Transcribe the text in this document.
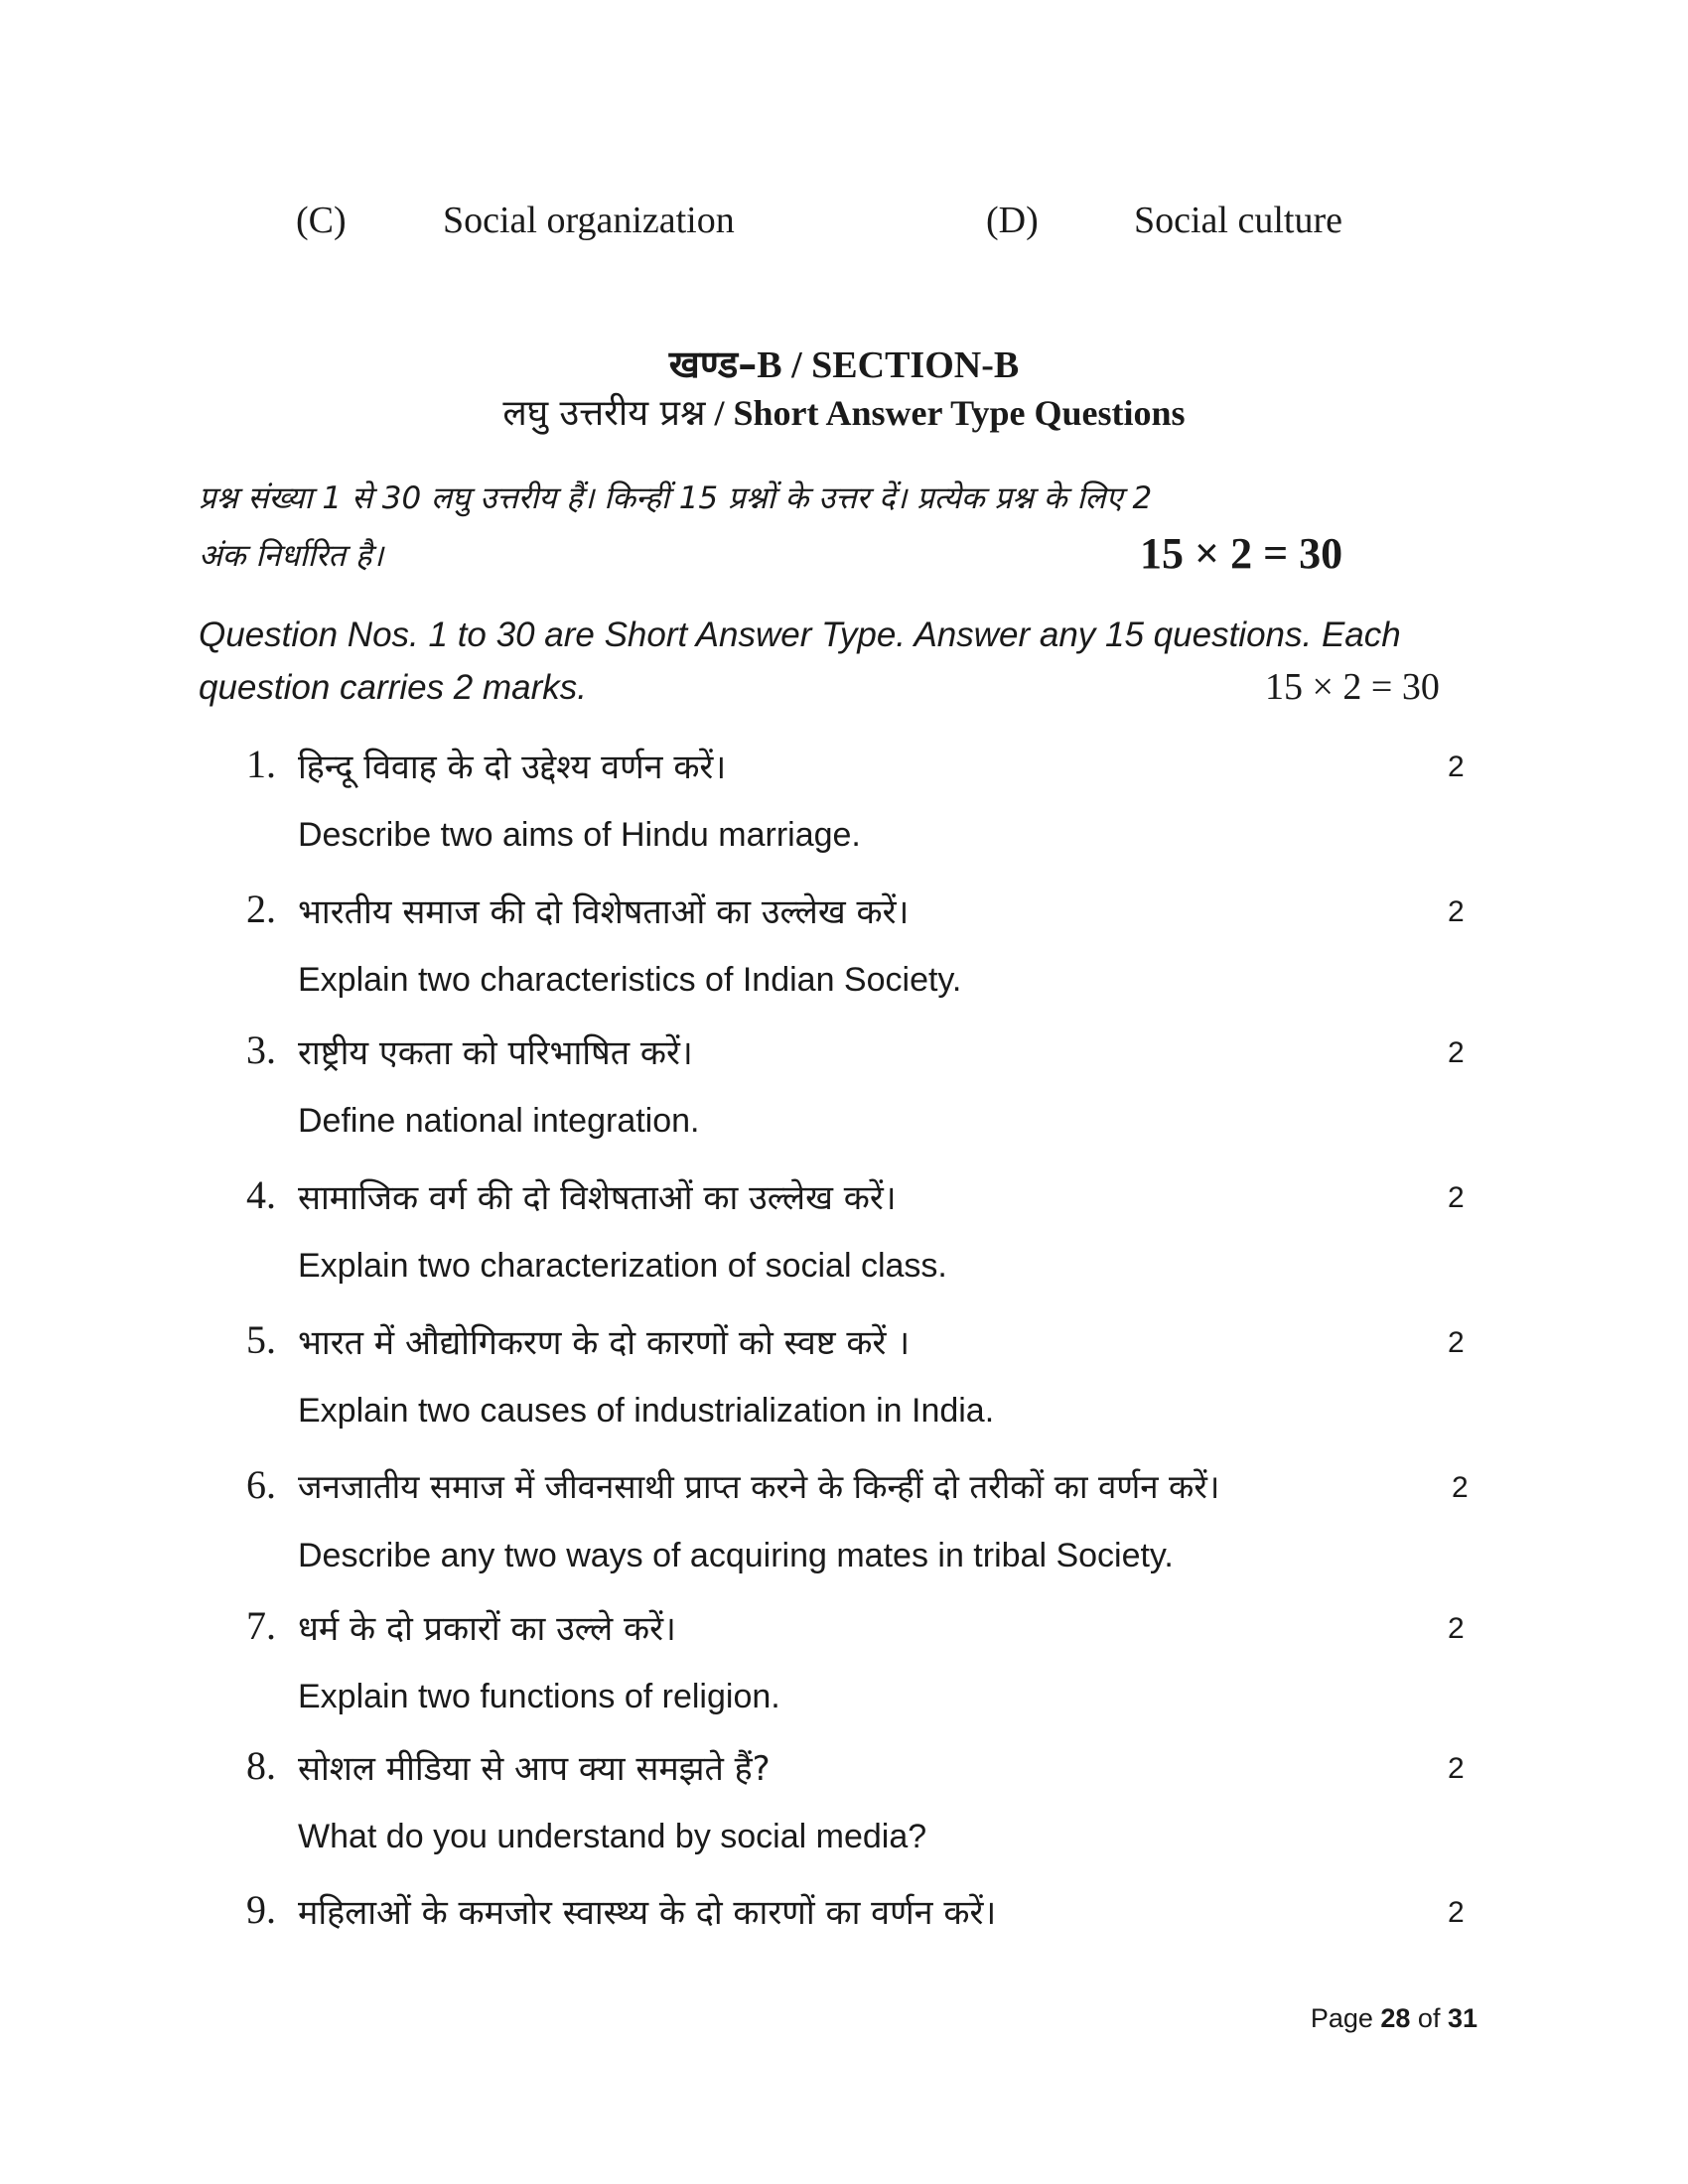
(C)	Social organization	(D)	Social culture
खण्ड–B / SECTION-B
लघु उत्तरीय प्रश्न / Short Answer Type Questions
प्रश्न संख्या 1 से 30 लघु उत्तरीय हैं। किन्हीं 15 प्रश्नों के उत्तर दें। प्रत्येक प्रश्न के लिए 2
अंक निर्धारित है।	15 × 2 = 30
Question Nos. 1 to 30 are Short Answer Type. Answer any 15 questions. Each
question carries 2 marks.	15 × 2 = 30
1. हिन्दू विवाह के दो उद्देश्य वर्णन करें।	2
Describe two aims of Hindu marriage.
2. भारतीय समाज की दो विशेषताओं का उल्लेख करें।	2
Explain two characteristics of Indian Society.
3. राष्ट्रीय एकता को परिभाषित करें।	2
Define national integration.
4. सामाजिक वर्ग की दो विशेषताओं का उल्लेख करें।	2
Explain two characterization of social class.
5. भारत में औद्योगिकरण के दो कारणों को स्वष्ट करें ।	2
Explain two causes of industrialization in India.
6. जनजातीय समाज में जीवनसाथी प्राप्त करने के किन्हीं दो तरीकों का वर्णन करें।	2
Describe any two ways of acquiring mates in tribal Society.
7. धर्म के दो प्रकारों का उल्ले करें।	2
Explain two functions of religion.
8. सोशल मीडिया से आप क्या समझते हैं?	2
What do you understand by social media?
9. महिलाओं के कमजोर स्वास्थ्य के दो कारणों का वर्णन करें।	2
Page 28 of 31
